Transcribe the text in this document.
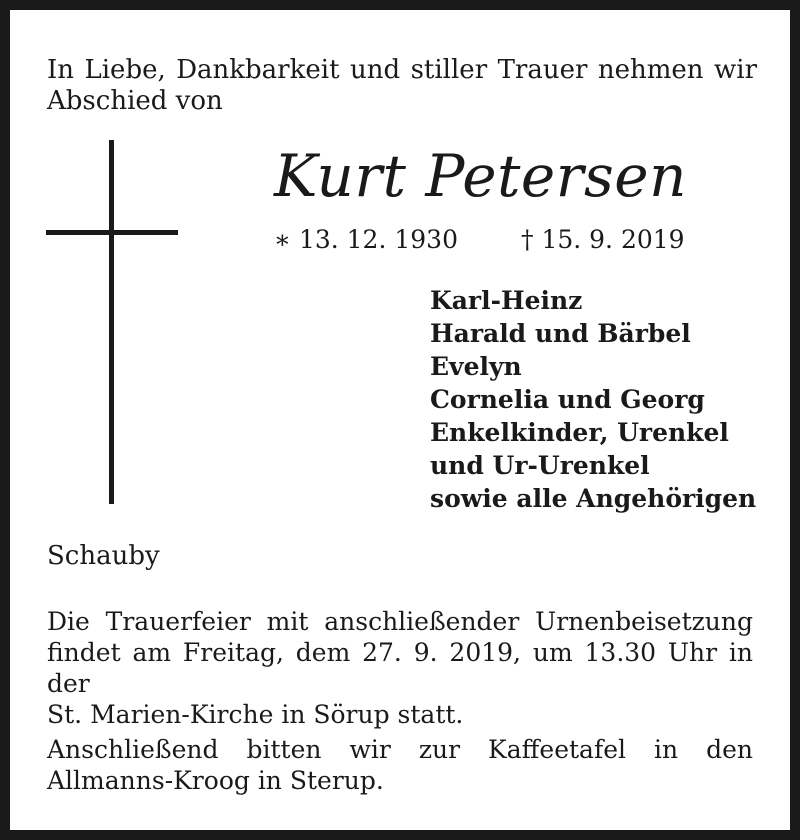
In Liebe, Dankbarkeit und stiller Trauer nehmen wir
Abschied von
Kurt Petersen
∗ 13. 12. 1930	† 15. 9. 2019
Karl-Heinz
Harald und Bärbel
Evelyn
Cornelia und Georg
Enkelkinder, Urenkel
und Ur-Urenkel
sowie alle Angehörigen
Schauby
Die Trauerfeier mit anschließender Urnenbeisetzung
findet am Freitag, dem 27. 9. 2019, um 13.30 Uhr in der
St. Marien-Kirche in Sörup statt.
Anschließend bitten wir zur Kaffeetafel in den
Allmanns-Kroog in Sterup.
